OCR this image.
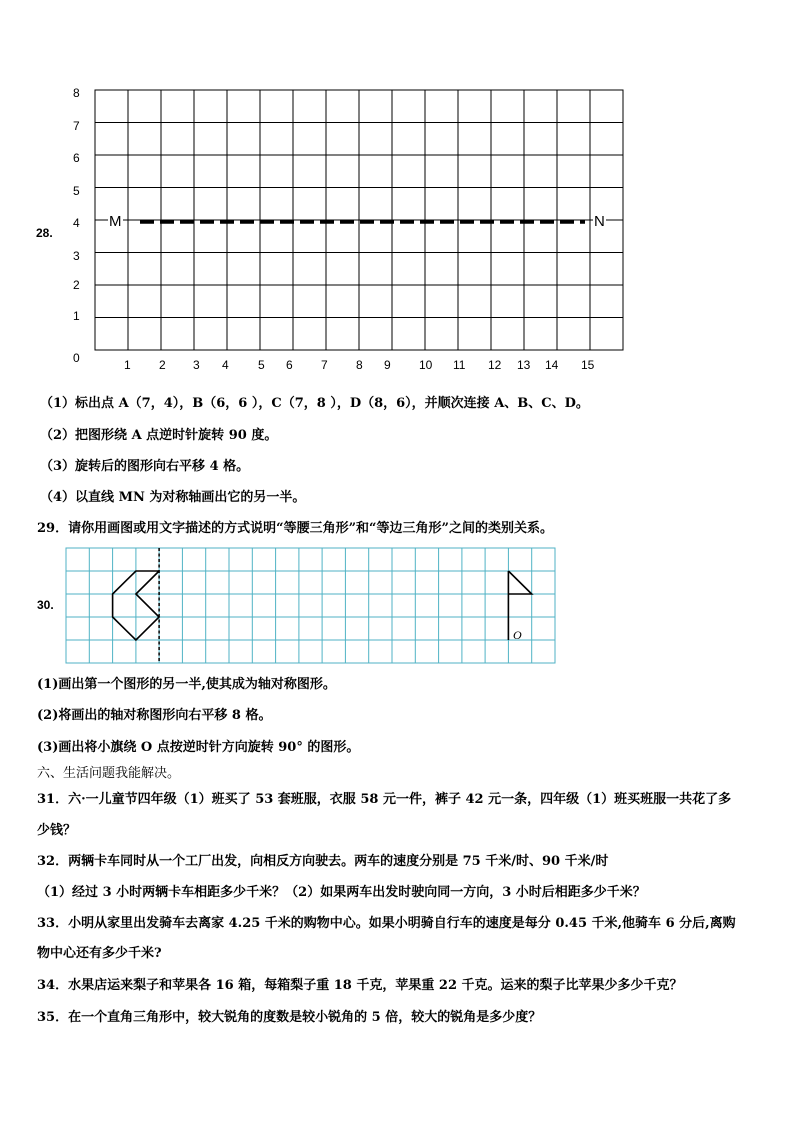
28.
8
7
6
5
4
3
2
1
0	1 2 3 4 5 6 7 8 9 10 11 12 13 14 15
M	N
（1）标出点 A（7，4），B（6，6 ），C（7，8 ），D（8，6），并顺次连接 A、B、C、D。
（2）把图形绕 A 点逆时针旋转 90 度。
（3）旋转后的图形向右平移 4 格。
（4）以直线 MN 为对称轴画出它的另一半。
29．请你用画图或用文字描述的方式说明“等腰三角形”和“等边三角形”之间的类别关系。
30.
O
(1)画出第一个图形的另一半,使其成为轴对称图形。
(2)将画出的轴对称图形向右平移 8 格。
(3)画出将小旗绕 O 点按逆时针方向旋转 90° 的图形。
六、生活问题我能解决。
31．六·一儿童节四年级（1）班买了 53 套班服，衣服 58 元一件，裤子 42 元一条，四年级（1）班买班服一共花了多
少钱？
32．两辆卡车同时从一个工厂出发，向相反方向驶去。两车的速度分别是 75 千米/时、90 千米/时
（1）经过 3 小时两辆卡车相距多少千米？（2）如果两车出发时驶向同一方向，3 小时后相距多少千米？
33．小明从家里出发骑车去离家 4.25 千米的购物中心。如果小明骑自行车的速度是每分 0.45 千米,他骑车 6 分后,离购
物中心还有多少千米?
34．水果店运来梨子和苹果各 16 箱，每箱梨子重 18 千克，苹果重 22 千克。运来的梨子比苹果少多少千克？
35．在一个直角三角形中，较大锐角的度数是较小锐角的 5 倍，较大的锐角是多少度？
